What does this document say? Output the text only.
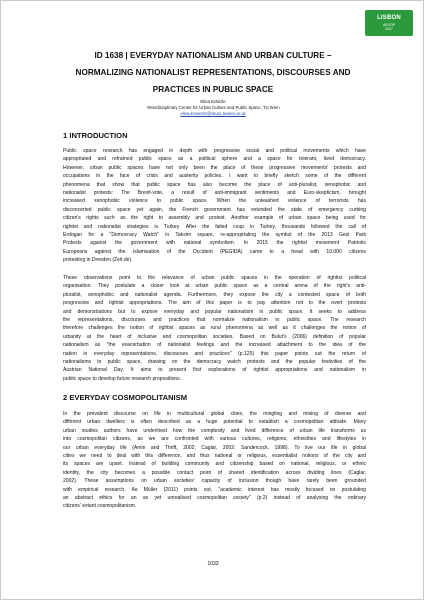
LISBON
AESOP
2017
ID 1638 | EVERYDAY NATIONALISM AND URBAN CULTURE –
NORMALIZING NATIONALIST REPRESENTATIONS, DISCOURSES AND
PRACTICES IN PUBLIC SPACE
Elina Kränzle
¹Interdisciplinary Center for Urban Culture and Public Space, TU Wien
elina.kraenzle@skuor.tuwien.ac.at
1 INTRODUCTION
Public space research has engaged in depth with progressive social and political movements which have
appropriated and reframed public space as a political sphere and a space for tolerant, lived democracy.
However, urban public spaces have not only been the place of these progressive movements' protests and
occupations in the face of crisis and austerity policies. I want to briefly sketch some of the different
phenomena that show that public space has also become the place of anti-pluralist, xenophobic and
nationalist protests: The Brexit-vote, a result of anti-immigrant sentiments and Euro-skepticism, brought
increased xenophobic violence to public space. When the unleashed violence of terrorists has
disconcerted public space yet again, the French government has extended the state of emergency curbing
citizen's rights such as the right to assembly and protest. Another example of urban space being used for
rightist and nationalist strategies is Turkey. After the failed coup in Turkey, thousands followed the call of
Erdogan for a "Democracy Watch" in Taksim square, re-appropriating the symbol of the 2013 Gezi Park
Protests against the government with national symbolism. In 2015 the rightist movement Patriotic
Europeans against the Islamisation of the Occident (PEGIDA) came to a head with 10.000 citizens
protesting in Dresden (Zeit.de).
These observations point to the relevance of urban public spaces in the operation of rightist political
organisation. They postulate a closer look at urban public space as a central arena of the right's anti-
pluralist, xenophobic and nationalist agenda. Furthermore, they expose the city a contested space of both
progressive and rightist appropriations. The aim of this paper is to pay attention not to the overt protests
and demonstrations but to expose everyday and popular nationalism in public space. It seeks to address
the representations, discourses and practices that normalize nationalism in public space. The research
therefore challenges the notion of rightist spaces as rural phenomena as well as it challenges the notion of
urbanity at the heart of inclusive and cosmopolitan societies. Based on Bulut's (2006) definition of popular
nationalism as "the exacerbation of nationalist feelings and the increased attachment to the idea of the
nation in everyday representations, discourses and practices" (p.125) this paper points out the return of
nationalisms to public space, drawing on the democracy watch protests and the popular festivities of the
Austrian National Day. It aims to present first explorations of rightist appropriations and nationalism in
public space to develop future research propositions.
2 EVERYDAY COSMOPOLITANISM
In the prevalent discourse on life in multicultural global cities, the mingling and mixing of diverse and
different urban dwellers is often described as a huge potential to establish a cosmopolitan attitude. Many
urban studies authors have underlined how the complexity and lived difference of urban life transforms us
into cosmopolitan citizens, as we are confronted with various cultures, religions, ethnicities and lifestyles in
our urban everyday life (Amin and Thrift, 2002; Caglar, 2002; Sandercock, 1998). To live our life in global
cities we need to deal with this difference, and thus national or religious, essentialist notions of the city and
its spaces are upset. Instead of building community and citizenship based on national, religious, or ethnic
identity, the city becomes a possible contact point of shared identification across dividing lines (Caglar,
2002). These assumptions on urban societies' capacity of inclusion though have rarely been grounded
with empirical research. As Müller (2011) points out, "academic interest has mostly focused on postulating
an abstract ethics for an as yet unrealised cosmopolitan society" (p.2) instead of analysing the ordinary
citizens' extant cosmopolitanism.
1033
